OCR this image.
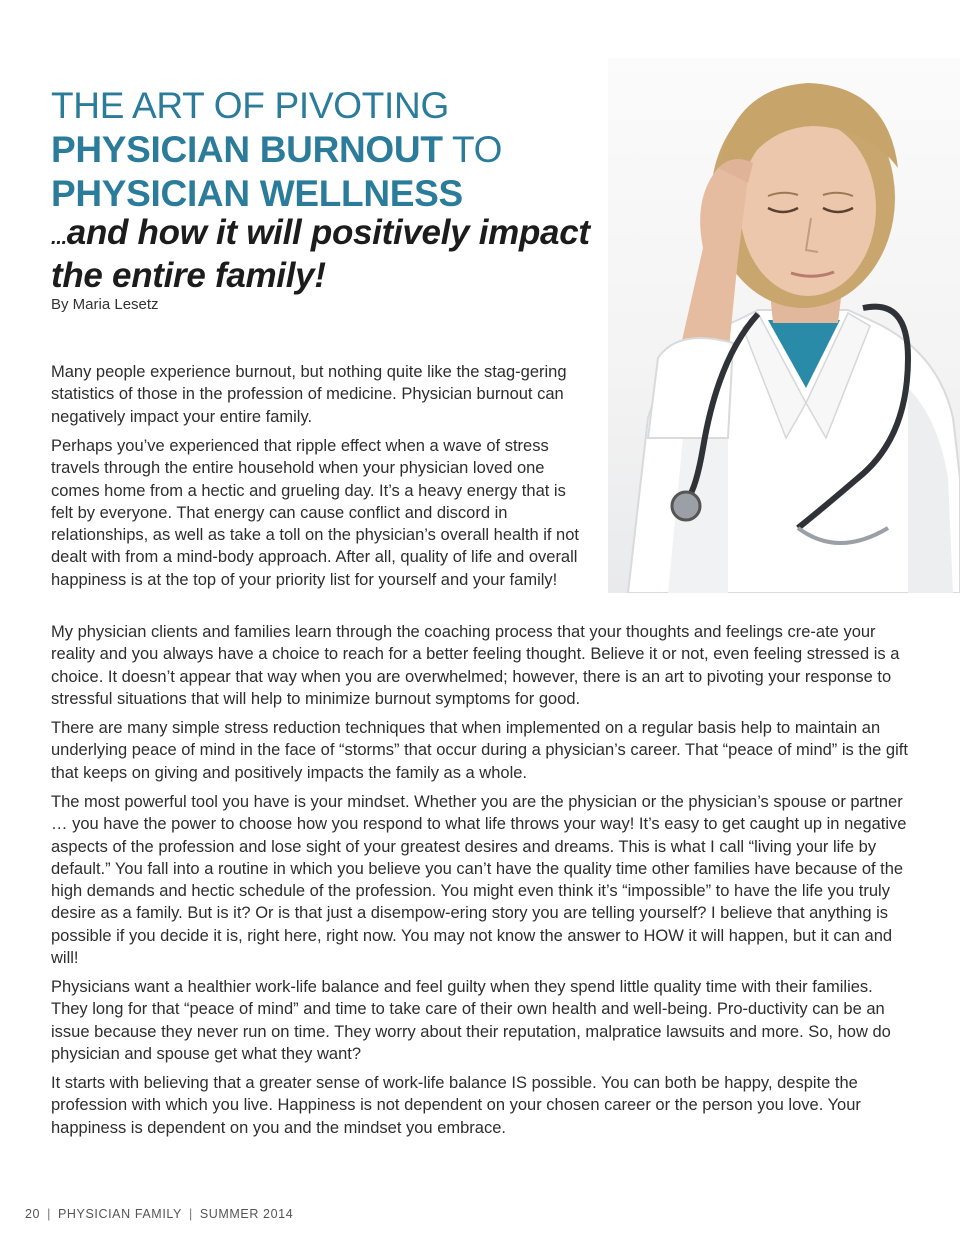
THE ART OF PIVOTING
PHYSICIAN BURNOUT TO
PHYSICIAN WELLNESS
...and how it will positively impact
the entire family!

By Maria Lesetz

Many people experience burnout, but nothing quite like the stag-gering statistics of those in the profession of medicine. Physician burnout can negatively impact your entire family.

Perhaps you’ve experienced that ripple effect when a wave of stress travels through the entire household when your physician loved one comes home from a hectic and grueling day. It’s a heavy energy that is felt by everyone. That energy can cause conflict and discord in relationships, as well as take a toll on the physician’s overall health if not dealt with from a mind-body approach. After all, quality of life and overall happiness is at the top of your priority list for yourself and your family!

My physician clients and families learn through the coaching process that your thoughts and feelings cre-ate your reality and you always have a choice to reach for a better feeling thought. Believe it or not, even feeling stressed is a choice. It doesn’t appear that way when you are overwhelmed; however, there is an art to pivoting your response to stressful situations that will help to minimize burnout symptoms for good.

There are many simple stress reduction techniques that when implemented on a regular basis help to maintain an underlying peace of mind in the face of “storms” that occur during a physician’s career. That “peace of mind” is the gift that keeps on giving and positively impacts the family as a whole.

The most powerful tool you have is your mindset. Whether you are the physician or the physician’s spouse or partner … you have the power to choose how you respond to what life throws your way! It’s easy to get caught up in negative aspects of the profession and lose sight of your greatest desires and dreams. This is what I call “living your life by default.” You fall into a routine in which you believe you can’t have the quality time other families have because of the high demands and hectic schedule of the profession. You might even think it’s “impossible” to have the life you truly desire as a family. But is it? Or is that just a disempow-ering story you are telling yourself? I believe that anything is possible if you decide it is, right here, right now. You may not know the answer to HOW it will happen, but it can and will!

Physicians want a healthier work-life balance and feel guilty when they spend little quality time with their families. They long for that “peace of mind” and time to take care of their own health and well-being. Pro-ductivity can be an issue because they never run on time. They worry about their reputation, malpratice lawsuits and more. So, how do physician and spouse get what they want?

It starts with believing that a greater sense of work-life balance IS possible. You can both be happy, despite the profession with which you live. Happiness is not dependent on your chosen career or the person you love. Your happiness is dependent on you and the mindset you embrace.

20 | PHYSICIAN FAMILY | SUMMER 2014
